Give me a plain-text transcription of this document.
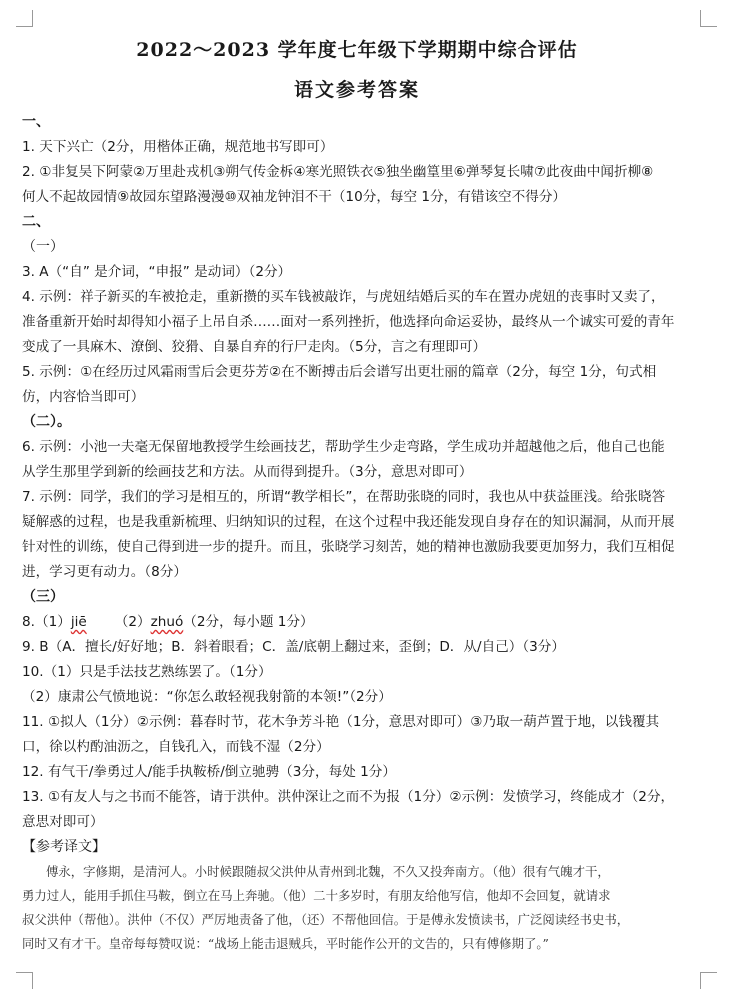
2022～2023 学年度七年级下学期期中综合评估
语文参考答案
一、
1. 天下兴亡（2分，用楷体正确，规范地书写即可）
2. ①非复吴下阿蒙②万里赴戎机③朔气传金柝④寒光照铁衣⑤独坐幽篁里⑥弹琴复长啸⑦此夜曲中闻折柳⑧
何人不起故园情⑨故园东望路漫漫⑩双袖龙钟泪不干（10分，每空 1分，有错该空不得分）
二、
（一）
3. A（“自” 是介词，“申报” 是动词）（2分）
4. 示例：祥子新买的车被抢走，重新攒的买车钱被敲诈，与虎妞结婚后买的车在置办虎妞的丧事时又卖了，
准备重新开始时却得知小福子上吊自杀……面对一系列挫折，他选择向命运妥协，最终从一个诚实可爱的青年
变成了一具麻木、潦倒、狡猾、自暴自弃的行尸走肉。（5分，言之有理即可）
5. 示例：①在经历过风霜雨雪后会更芬芳②在不断搏击后会谱写出更壮丽的篇章（2分，每空 1分，句式相
仿，内容恰当即可）
（二）。
6. 示例：小池一夫毫无保留地教授学生绘画技艺，帮助学生少走弯路，学生成功并超越他之后，他自己也能
从学生那里学到新的绘画技艺和方法。从而得到提升。（3分，意思对即可）
7. 示例：同学，我们的学习是相互的，所谓“教学相长”，在帮助张晓的同时，我也从中获益匪浅。给张晓答
疑解惑的过程，也是我重新梳理、归纳知识的过程，在这个过程中我还能发现自身存在的知识漏洞，从而开展
针对性的训练，使自己得到进一步的提升。而且，张晓学习刻苦，她的精神也激励我要更加努力，我们互相促
进，学习更有动力。（8分）
（三）
8.（1）jiē （2）zhuó（2分，每小题 1分）
9. B（A．擅长/好好地；B．斜着眼看；C．盖/底朝上翻过来，歪倒；D．从/自己）（3分）
10.（1）只是手法技艺熟练罢了。（1分）
（2）康肃公气愤地说：“你怎么敢轻视我射箭的本领!”（2分）
11. ①拟人（1分）②示例：暮春时节，花木争芳斗艳（1分，意思对即可）③乃取一葫芦置于地，以钱覆其
口，徐以杓酌油沥之，自钱孔入，而钱不湿（2分）
12. 有气干/拳勇过人/能手执鞍桥/倒立驰骋（3分，每处 1分）
13. ①有友人与之书而不能答，请于洪仲。洪仲深让之而不为报（1分）②示例：发愤学习，终能成才（2分，
意思对即可）
【参考译文】
傅永，字修期，是清河人。小时候跟随叔父洪仲从青州到北魏，不久又投奔南方。（他）很有气魄才干，
勇力过人，能用手抓住马鞍，倒立在马上奔驰。（他）二十多岁时，有朋友给他写信，他却不会回复，就请求
叔父洪仲（帮他）。洪仲（不仅）严厉地责备了他，（还）不帮他回信。于是傅永发愤读书，广泛阅读经书史书，
同时又有才干。皇帝每每赞叹说：“战场上能击退贼兵，平时能作公开的文告的，只有傅修期了。”
